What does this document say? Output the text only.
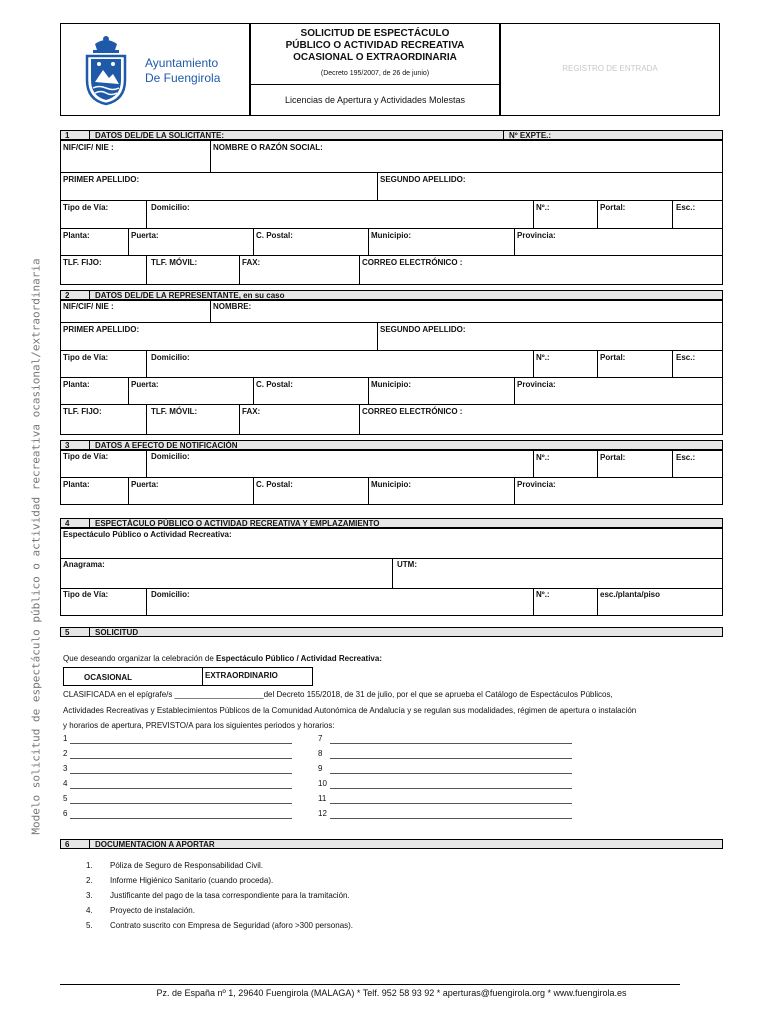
Ayuntamiento
De Fuengirola
SOLICITUD DE ESPECTÁCULO
PÚBLICO O ACTIVIDAD RECREATIVA
OCASIONAL O EXTRAORDINARIA
(Decreto 195/2007, de 26 de junio)
Licencias de Apertura y Actividades Molestas
REGISTRO DE ENTRADA
Modelo solicitud de espectáculo público o actividad recreativa ocasional/extraordinaria
1	DATOS DEL/DE LA SOLICITANTE:	Nº EXPTE.:
NIF/CIF/ NIE :	NOMBRE O RAZÓN SOCIAL:
PRIMER APELLIDO:	SEGUNDO APELLIDO:
Tipo de Vía:	Domicilio:	Nº.:	Portal:	Esc.:
Planta:	Puerta:	C. Postal:	Municipio:	Provincia:
TLF. FIJO:	TLF. MÓVIL:	FAX:	CORREO ELECTRÓNICO :
2	DATOS DEL/DE LA REPRESENTANTE, en su caso
NIF/CIF/ NIE :	NOMBRE:
PRIMER APELLIDO:	SEGUNDO APELLIDO:
Tipo de Vía:	Domicilio:	Nº.:	Portal:	Esc.:
Planta:	Puerta:	C. Postal:	Municipio:	Provincia:
TLF. FIJO:	TLF. MÓVIL:	FAX:	CORREO ELECTRÓNICO :
3	DATOS A EFECTO DE NOTIFICACIÓN
Tipo de Vía:	Domicilio:	Nº.:	Portal:	Esc.:
Planta:	Puerta:	C. Postal:	Municipio:	Provincia:
4	ESPECTÁCULO PÚBLICO O ACTIVIDAD RECREATIVA Y EMPLAZAMIENTO
Espectáculo Público o Actividad Recreativa:
Anagrama:	UTM:
Tipo de Vía:	Domicilio:	Nº.:	esc./planta/piso
5	SOLICITUD
Que deseando organizar la celebración de Espectáculo Público / Actividad Recreativa:
OCASIONAL	EXTRAORDINARIO
CLASIFICADA en el epígrafe/s ____________________del Decreto 155/2018, de 31 de julio, por el que se aprueba el Catálogo de Espectáculos Públicos,
Actividades Recreativas y Establecimientos Públicos de la Comunidad Autonómica de Andalucía y se regulan sus modalidades, régimen de apertura o instalación
y horarios de apertura, PREVISTO/A para los siguientes periodos y horarios:
1
2
3
4
5
6
7
8
9
10
11
12
6	DOCUMENTACION A APORTAR
1. Póliza de Seguro de Responsabilidad Civil.
2. Informe Higiénico Sanitario (cuando proceda).
3. Justificante del pago de la tasa correspondiente para la tramitación.
4. Proyecto de instalación.
5. Contrato suscrito con Empresa de Seguridad (aforo >300 personas).
Pz. de España nº 1, 29640 Fuengirola (MALAGA) * Telf. 952 58 93 92 * aperturas@fuengirola.org * www.fuengirola.es
